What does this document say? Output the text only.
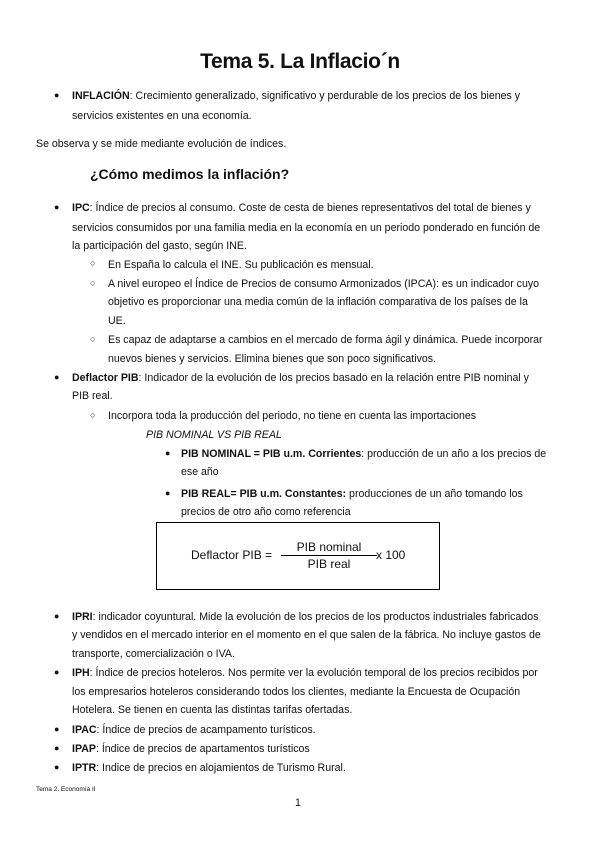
Tema 5. La Inflacio´n
● INFLACIÓN: Crecimiento generalizado, significativo y perdurable de los precios de los bienes y
servicios existentes en una economía.
Se observa y se mide mediante evolución de índices.
¿Cómo medimos la inflación?
● IPC: Índice de precios al consumo. Coste de cesta de bienes representativos del total de bienes y
servicios consumidos por una familia media en la economía en un periodo ponderado en función de
la participación del gasto, según INE.
○ En España lo calcula el INE. Su publicación es mensual.
○ A nivel europeo el Índice de Precios de consumo Armonizados (IPCA): es un indicador cuyo
objetivo es proporcionar una media común de la inflación comparativa de los países de la
UE.
○ Es capaz de adaptarse a cambios en el mercado de forma ágil y dinámica. Puede incorporar
nuevos bienes y servicios. Elimina bienes que son poco significativos.
● Deflactor PIB: Indicador de la evolución de los precios basado en la relación entre PIB nominal y
PIB real.
○ Incorpora toda la producción del periodo, no tiene en cuenta las importaciones
PIB NOMINAL VS PIB REAL
● PIB NOMINAL = PIB u.m. Corrientes: producción de un año a los precios de
ese año
● PIB REAL= PIB u.m. Constantes: producciones de un año tomando los
precios de otro año como referencia
Deflactor PIB =
PIB nominal
PIB real
x 100
● IPRI: indicador coyuntural. Mide la evolución de los precios de los productos industriales fabricados
y vendidos en el mercado interior en el momento en el que salen de la fábrica. No incluye gastos de
transporte, comercialización o IVA.
● IPH: Índice de precios hoteleros. Nos permite ver la evolución temporal de los precios recibidos por
los empresarios hoteleros considerando todos los clientes, mediante la Encuesta de Ocupación
Hotelera. Se tienen en cuenta las distintas tarifas ofertadas.
● IPAC: Índice de precios de acampamento turísticos.
● IPAP: Índice de precios de apartamentos turísticos
● IPTR: Indice de precios en alojamientos de Turismo Rural.
Tema 2. Economía II
1
